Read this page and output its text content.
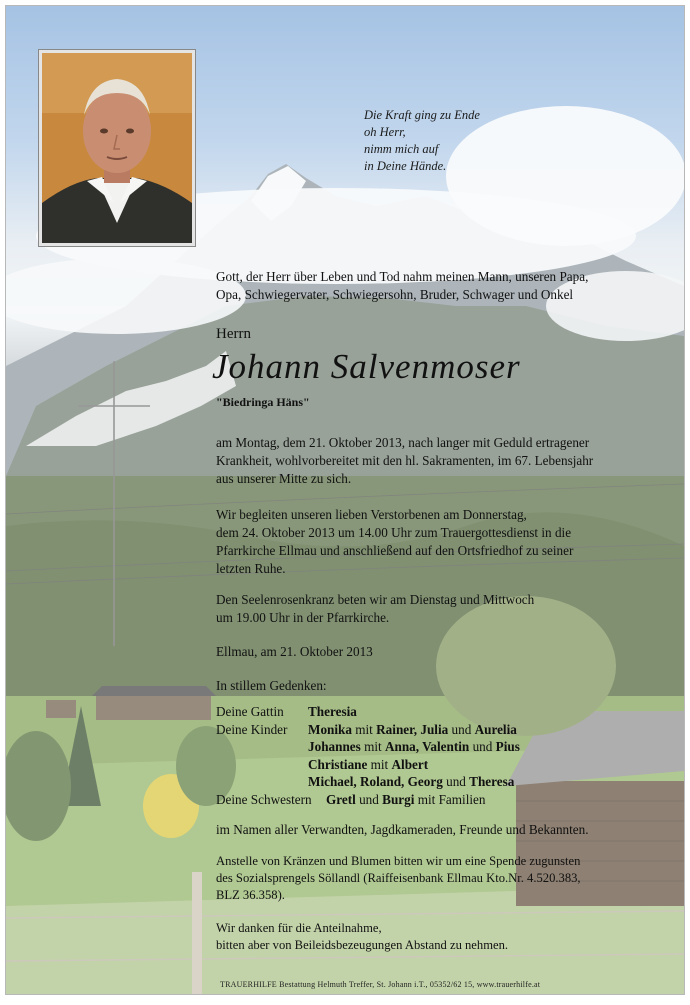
Die Kraft ging zu Ende
oh Herr,
nimm mich auf
in Deine Hände.
Gott, der Herr über Leben und Tod nahm meinen Mann, unseren Papa,
Opa, Schwiegervater, Schwiegersohn, Bruder, Schwager und Onkel
Herrn
Johann Salvenmoser
"Biedringa Häns"
am Montag, dem 21. Oktober 2013, nach langer mit Geduld ertragener
Krankheit, wohlvorbereitet mit den hl. Sakramenten, im 67. Lebensjahr
aus unserer Mitte zu sich.
Wir begleiten unseren lieben Verstorbenen am Donnerstag,
dem 24. Oktober 2013 um 14.00 Uhr zum Trauergottesdienst in die
Pfarrkirche Ellmau und anschließend auf den Ortsfriedhof zu seiner
letzten Ruhe.
Den Seelenrosenkranz beten wir am Dienstag und Mittwoch
um 19.00 Uhr in der Pfarrkirche.
Ellmau, am 21. Oktober 2013
In stillem Gedenken:
Deine Gattin Theresia
Deine Kinder Monika mit Rainer, Julia und Aurelia
Johannes mit Anna, Valentin und Pius
Christiane mit Albert
Michael, Roland, Georg und Theresa
Deine Schwestern Gretl und Burgi mit Familien
im Namen aller Verwandten, Jagdkameraden, Freunde und Bekannten.
Anstelle von Kränzen und Blumen bitten wir um eine Spende zugunsten
des Sozialsprengels Söllandl (Raiffeisenbank Ellmau Kto.Nr. 4.520.383,
BLZ 36.358).
Wir danken für die Anteilnahme,
bitten aber von Beileidsbezeugungen Abstand zu nehmen.
TRAUERHILFE Bestattung Helmuth Treffer, St. Johann i.T., 05352/62 15, www.trauerhilfe.at
